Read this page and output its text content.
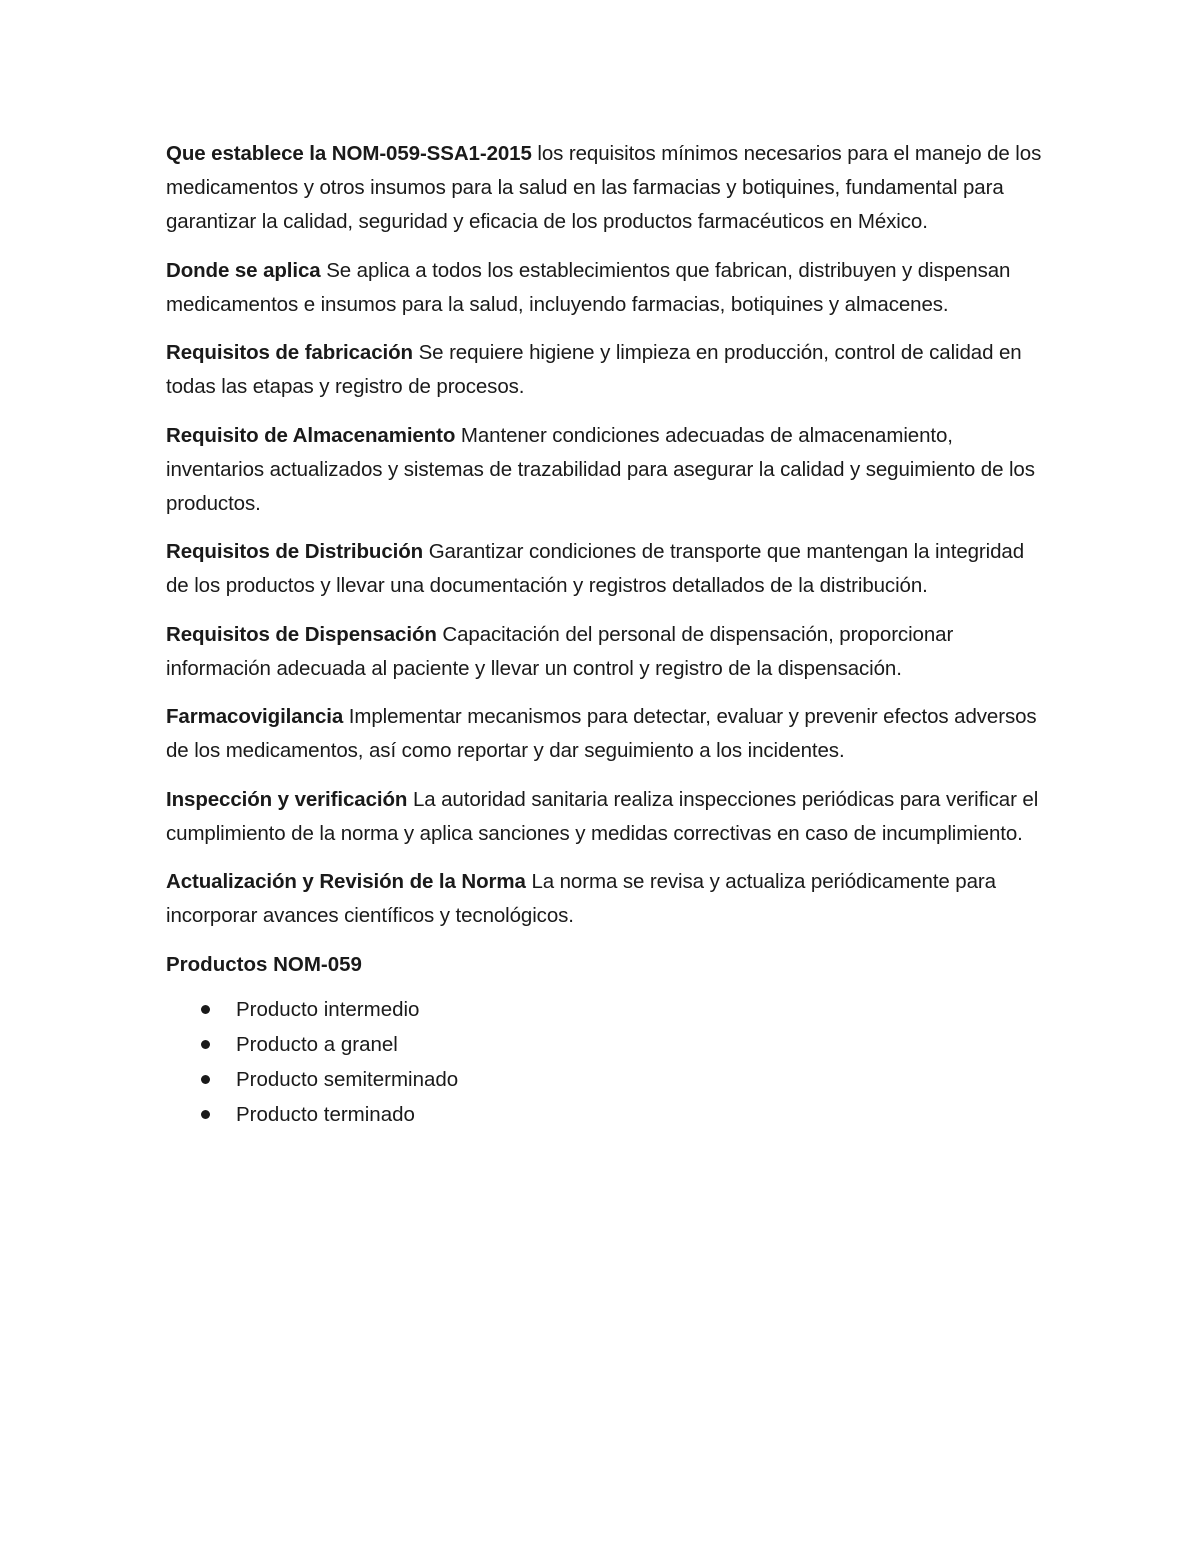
Que establece la NOM-059-SSA1-2015 los requisitos mínimos necesarios para el manejo de los medicamentos y otros insumos para la salud en las farmacias y botiquines, fundamental para garantizar la calidad, seguridad y eficacia de los productos farmacéuticos en México.

Donde se aplica Se aplica a todos los establecimientos que fabrican, distribuyen y dispensan medicamentos e insumos para la salud, incluyendo farmacias, botiquines y almacenes.

Requisitos de fabricación Se requiere higiene y limpieza en producción, control de calidad en todas las etapas y registro de procesos.

Requisito de Almacenamiento Mantener condiciones adecuadas de almacenamiento, inventarios actualizados y sistemas de trazabilidad para asegurar la calidad y seguimiento de los productos.

Requisitos de Distribución Garantizar condiciones de transporte que mantengan la integridad de los productos y llevar una documentación y registros detallados de la distribución.

Requisitos de Dispensación Capacitación del personal de dispensación, proporcionar información adecuada al paciente y llevar un control y registro de la dispensación.

Farmacovigilancia Implementar mecanismos para detectar, evaluar y prevenir efectos adversos de los medicamentos, así como reportar y dar seguimiento a los incidentes.

Inspección y verificación La autoridad sanitaria realiza inspecciones periódicas para verificar el cumplimiento de la norma y aplica sanciones y medidas correctivas en caso de incumplimiento.

Actualización y Revisión de la Norma La norma se revisa y actualiza periódicamente para incorporar avances científicos y tecnológicos.

Productos NOM-059

Producto intermedio
Producto a granel
Producto semiterminado
Producto terminado
